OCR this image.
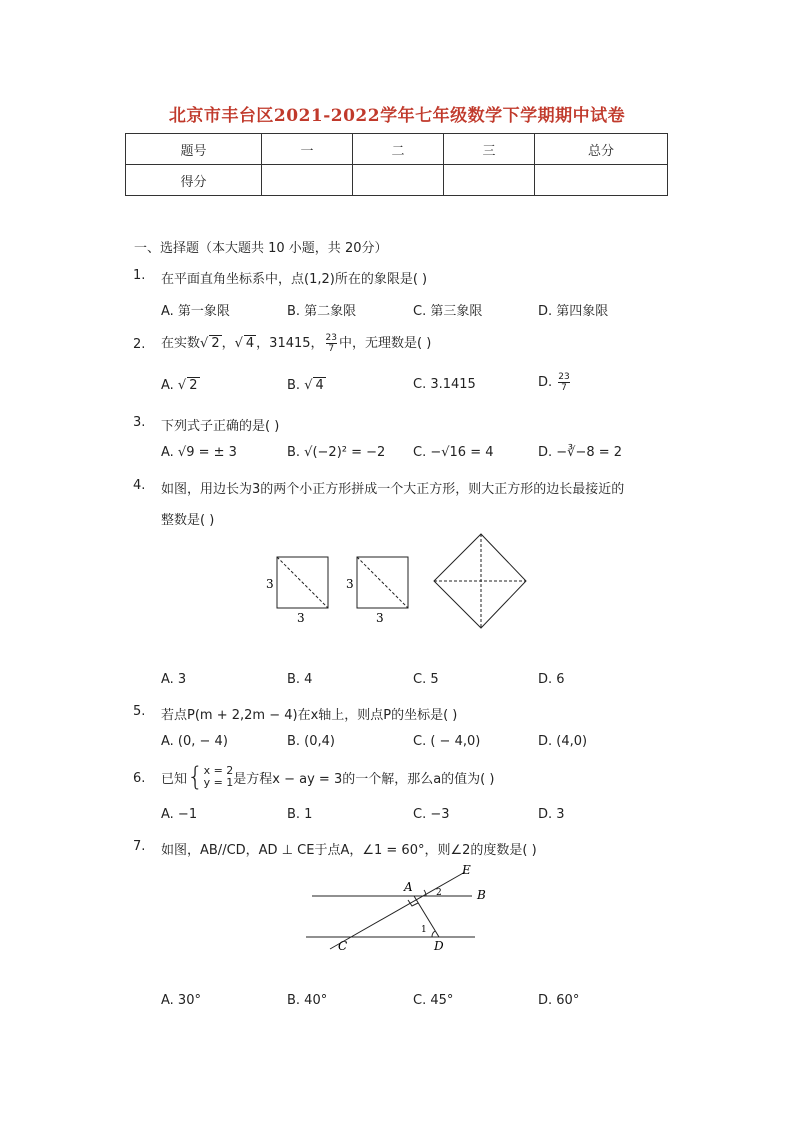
北京市丰台区2021-2022学年七年级数学下学期期中试卷
题号	一	二	三	总分
得分				
一、选择题（本大题共 10 小题，共 20分）
1. 在平面直角坐标系中，点(1,2)所在的象限是( )
A. 第一象限	B. 第二象限	C. 第三象限	D. 第四象限
2. 在实数√ 2 ，√ 4 ，31415， $\frac{23}{7}$ 中，无理数是( )
A. √ 2	B. √ 4	C. 3.1415	D. $\frac{23}{7}$
3. 下列式子正确的是( )
A. √9 = ± 3	B. √(−2)² = −2 C. −√16 = 4	D. −∛−8 = 2
4. 如图，用边长为3的两个小正方形拼成一个大正方形，则大正方形的边长最接近的
整数是( )
3
3
3
3
A. 3	B. 4	C. 5	D. 6
5. 若点P(m + 2,2m − 4)在x轴上，则点P的坐标是( )
A. (0, − 4)	B. (0,4)	C. ( − 4,0)	D. (4,0)
6. 已知 { x = 2
y = 1 是方程x − ay = 3的一个解，那么a的值为( )
A. −1	B. 1	C. −3	D. 3
7. 如图，AB//CD，AD ⊥ CE于点A，∠1 = 60°，则∠2的度数是( )
E
A
B
C	D
1
2
A. 30°	B. 40°	C. 45°	D. 60°
